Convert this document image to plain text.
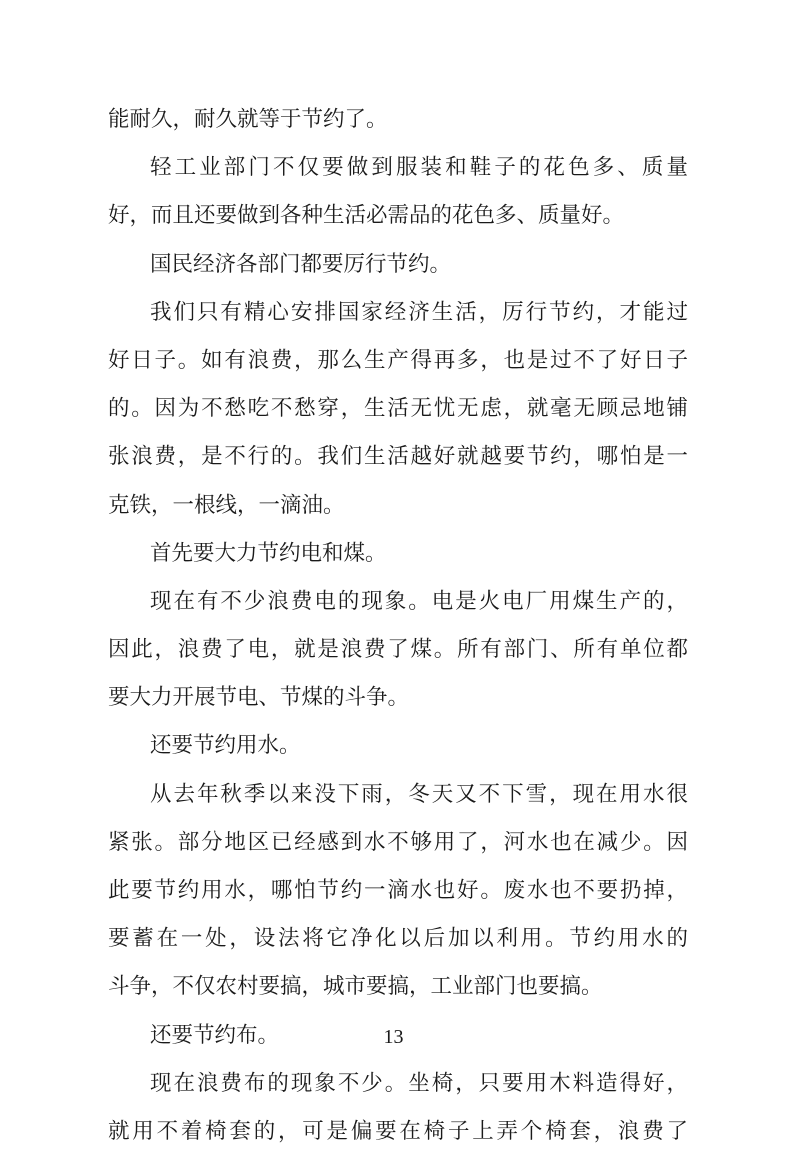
能耐久，耐久就等于节约了。
轻工业部门不仅要做到服装和鞋子的花色多、质量
好，而且还要做到各种生活必需品的花色多、质量好。
国民经济各部门都要厉行节约。
我们只有精心安排国家经济生活，厉行节约，才能过
好日子。如有浪费，那么生产得再多，也是过不了好日子
的。因为不愁吃不愁穿，生活无忧无虑，就毫无顾忌地铺
张浪费，是不行的。我们生活越好就越要节约，哪怕是一
克铁，一根线，一滴油。
首先要大力节约电和煤。
现在有不少浪费电的现象。电是火电厂用煤生产的，
因此，浪费了电，就是浪费了煤。所有部门、所有单位都
要大力开展节电、节煤的斗争。
还要节约用水。
从去年秋季以来没下雨，冬天又不下雪，现在用水很
紧张。部分地区已经感到水不够用了，河水也在减少。因
此要节约用水，哪怕节约一滴水也好。废水也不要扔掉，
要蓄在一处，设法将它净化以后加以利用。节约用水的
斗争，不仅农村要搞，城市要搞，工业部门也要搞。
还要节约布。
现在浪费布的现象不少。坐椅，只要用木料造得好，
就用不着椅套的，可是偏要在椅子上弄个椅套，浪费了
13
